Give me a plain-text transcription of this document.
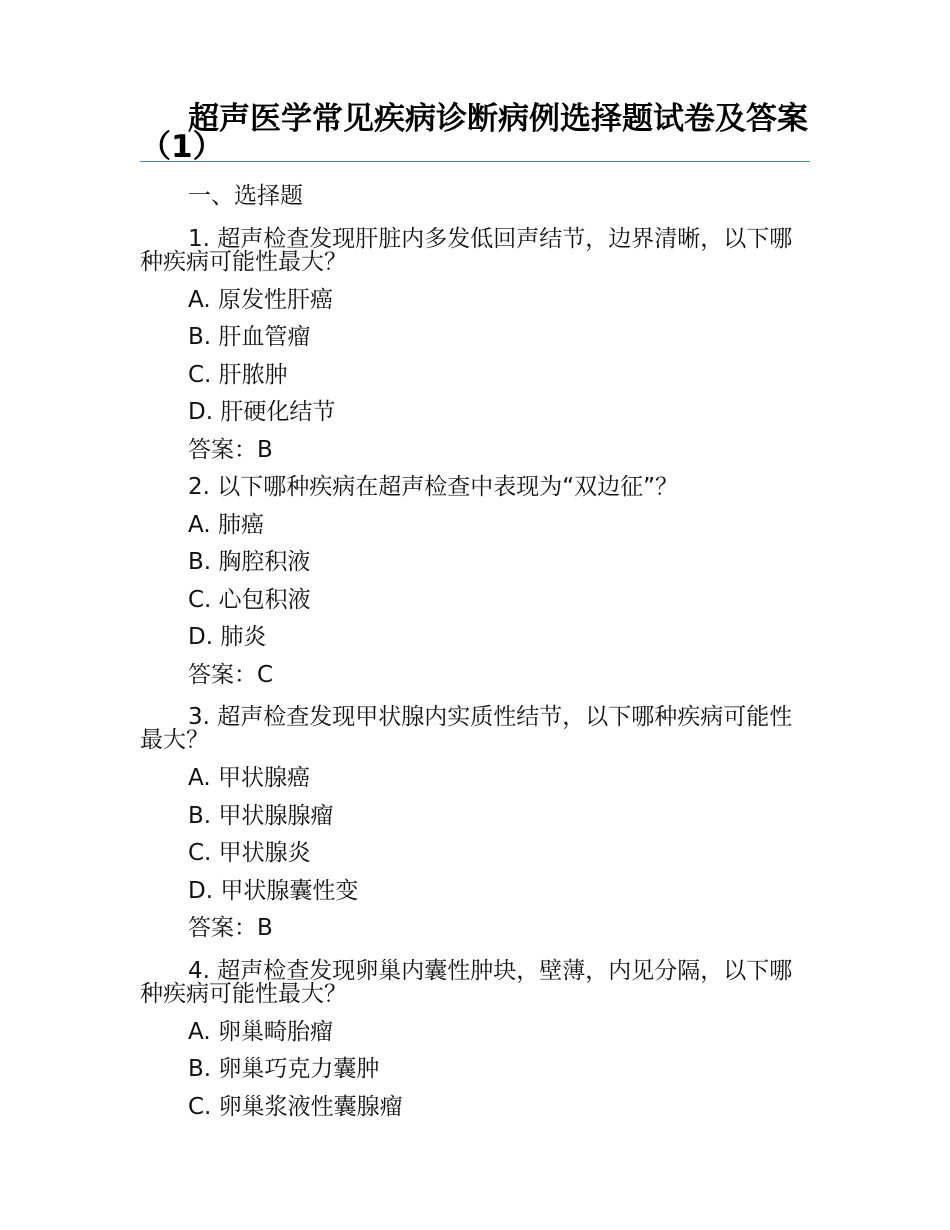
超声医学常见疾病诊断病例选择题试卷及答案（1）

一、选择题

1. 超声检查发现肝脏内多发低回声结节，边界清晰，以下哪种疾病可能性最大？

A. 原发性肝癌

B. 肝血管瘤

C. 肝脓肿

D. 肝硬化结节

答案：B

2. 以下哪种疾病在超声检查中表现为“双边征”？

A. 肺癌

B. 胸腔积液

C. 心包积液

D. 肺炎

答案：C

3. 超声检查发现甲状腺内实质性结节，以下哪种疾病可能性最大？

A. 甲状腺癌

B. 甲状腺腺瘤

C. 甲状腺炎

D. 甲状腺囊性变

答案：B

4. 超声检查发现卵巢内囊性肿块，壁薄，内见分隔，以下哪种疾病可能性最大？

A. 卵巢畸胎瘤

B. 卵巢巧克力囊肿

C. 卵巢浆液性囊腺瘤
